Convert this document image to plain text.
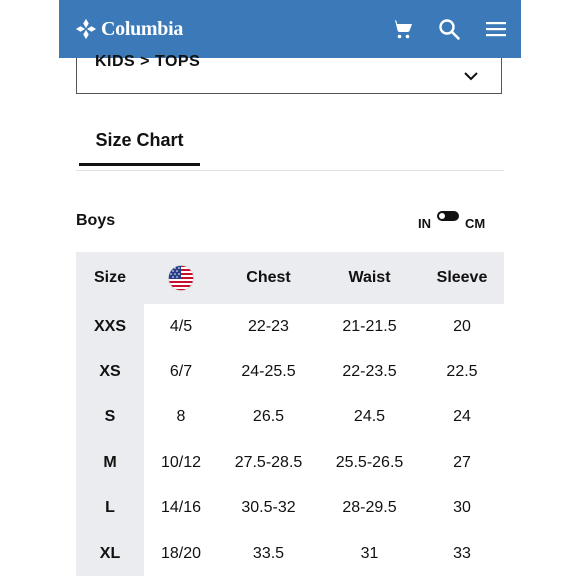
Columbia
KIDS > TOPS
Size Chart
Boys	IN	CM
Size		Chest	Waist	Sleeve
XXS	4/5	22-23	21-21.5	20
XS	6/7	24-25.5	22-23.5	22.5
S	8	26.5	24.5	24
M	10/12	27.5-28.5	25.5-26.5	27
L	14/16	30.5-32	28-29.5	30
XL	18/20	33.5	31	33
